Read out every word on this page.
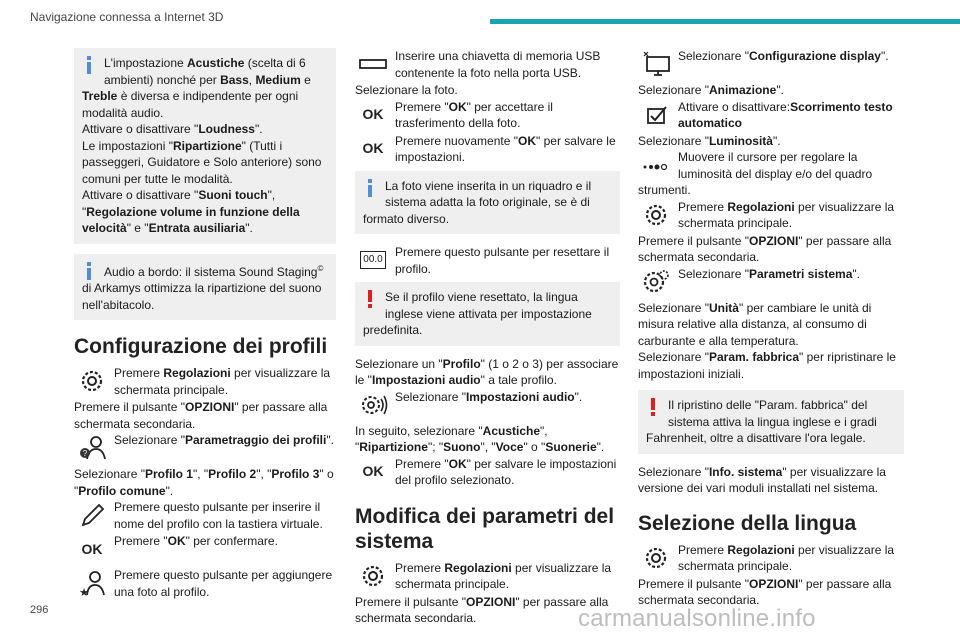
Navigazione connessa a Internet 3D
296	carmanualsonline.info
L'impostazione Acustiche (scelta di 6 ambienti) nonché per Bass, Medium e Treble è diversa e indipendente per ogni modalità audio.
Attivare o disattivare "Loudness".
Le impostazioni "Ripartizione" (Tutti i passeggeri, Guidatore e Solo anteriore) sono comuni per tutte le modalità.
Attivare o disattivare "Suoni touch",
"Regolazione volume in funzione della velocità" e "Entrata ausiliaria".
Audio a bordo: il sistema Sound Staging© di Arkamys ottimizza la ripartizione del suono nell'abitacolo.
Configurazione dei profili
Premere Regolazioni per visualizzare la schermata principale.

Premere il pulsante "OPZIONI" per passare alla schermata secondaria.

?
Selezionare "Parametraggio dei profili".

Selezionare "Profilo 1", "Profilo 2", "Profilo 3" o "Profilo comune".

Premere questo pulsante per inserire il nome del profilo con la tastiera virtuale.
OK Premere "OK" per confermare.
★
Premere questo pulsante per aggiungere una foto al profilo.
Inserire una chiavetta di memoria USB contenente la foto nella porta USB.

Selezionare la foto.

OK Premere "OK" per accettare il trasferimento della foto.
OK Premere nuovamente "OK" per salvare le impostazioni.
La foto viene inserita in un riquadro e il sistema adatta la foto originale, se è di formato diverso.
00.0
Premere questo pulsante per resettare il profilo.
Se il profilo viene resettato, la lingua inglese viene attivata per impostazione predefinita.

Selezionare un "Profilo" (1 o 2 o 3) per associare le "Impostazioni audio" a tale profilo.

Selezionare "Impostazioni audio".

In seguito, selezionare "Acustiche",
"Ripartizione"; "Suono", "Voce" o "Suonerie".

OK Premere "OK" per salvare le impostazioni del profilo selezionato.
Modifica dei parametri del sistema
Premere Regolazioni per visualizzare la schermata principale.

Premere il pulsante "OPZIONI" per passare alla schermata secondaria.

Selezionare "Configurazione display".

Selezionare "Animazione".

Attivare o disattivare:Scorrimento testo automatico

Selezionare "Luminosità".

Muovere il cursore per regolare la luminosità del display e/o del quadro strumenti.
Premere Regolazioni per visualizzare la schermata principale.

Premere il pulsante "OPZIONI" per passare alla schermata secondaria.

Selezionare "Parametri sistema".

Selezionare "Unità" per cambiare le unità di misura relative alla distanza, al consumo di carburante e alla temperatura.
Selezionare "Param. fabbrica" per ripristinare le impostazioni iniziali.

Il ripristino delle "Param. fabbrica" del sistema attiva la lingua inglese e i gradi Fahrenheit, oltre a disattivare l'ora legale.

Selezionare "Info. sistema" per visualizzare la versione dei vari moduli installati nel sistema.

Selezione della lingua
Premere Regolazioni per visualizzare la schermata principale.

Premere il pulsante "OPZIONI" per passare alla schermata secondaria.
